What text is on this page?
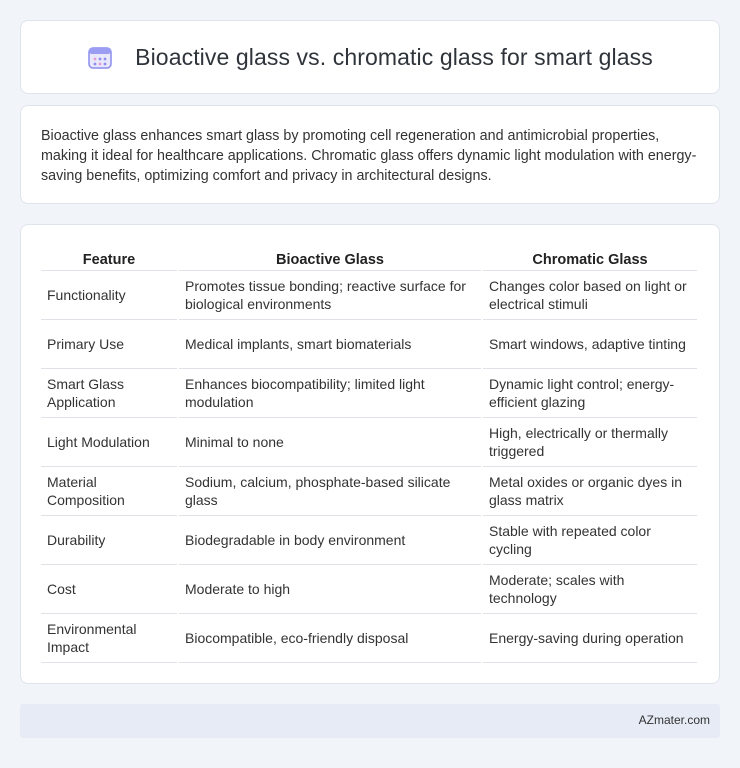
Bioactive glass vs. chromatic glass for smart glass

Bioactive glass enhances smart glass by promoting cell regeneration and antimicrobial properties, making it ideal for healthcare applications. Chromatic glass offers dynamic light modulation with energy-saving benefits, optimizing comfort and privacy in architectural designs.

Feature	Bioactive Glass	Chromatic Glass
Functionality	Promotes tissue bonding; reactive surface for biological environments	Changes color based on light or electrical stimuli
Primary Use	Medical implants, smart biomaterials	Smart windows, adaptive tinting
Smart Glass Application	Enhances biocompatibility; limited light modulation	Dynamic light control; energy-efficient glazing
Light Modulation	Minimal to none	High, electrically or thermally triggered
Material Composition	Sodium, calcium, phosphate-based silicate glass	Metal oxides or organic dyes in glass matrix
Durability	Biodegradable in body environment	Stable with repeated color cycling
Cost	Moderate to high	Moderate; scales with technology
Environmental Impact	Biocompatible, eco-friendly disposal	Energy-saving during operation
AZmater.com
